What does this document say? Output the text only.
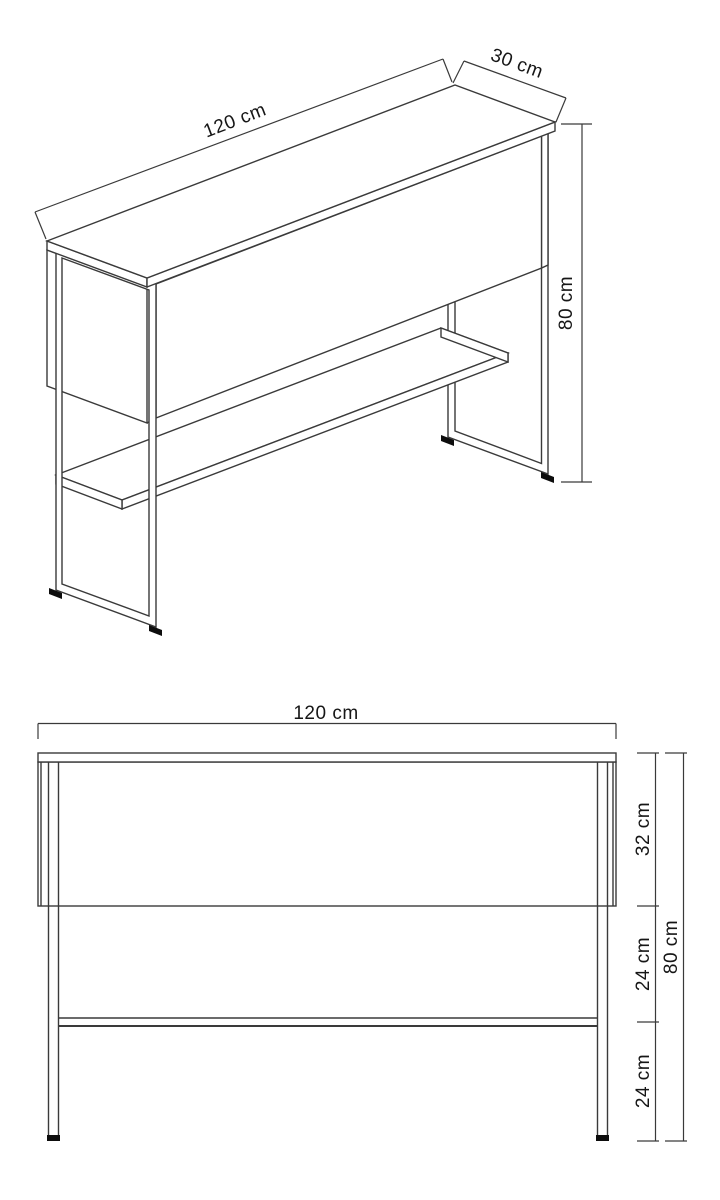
120 cm
30 cm
80 cm
120 cm
32 cm
24 cm
24 cm
80 cm
